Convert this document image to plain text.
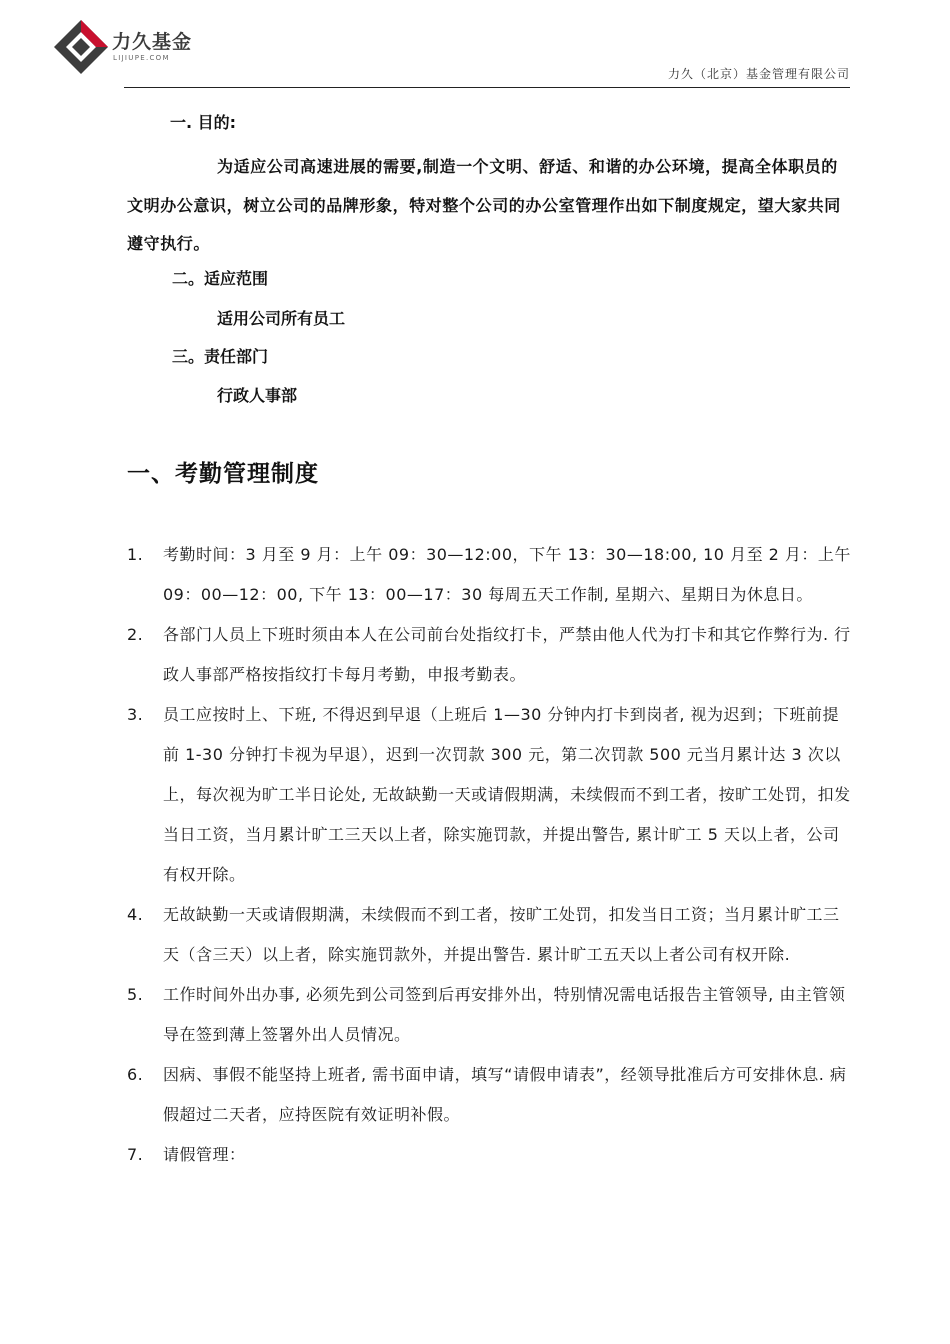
力久基金
LIJIUPE.COM
力久（北京）基金管理有限公司
一. 目的:

为适应公司高速进展的需要,制造一个文明、舒适、和谐的办公环境，提高全体职员的文明办公意识，树立公司的品牌形象，特对整个公司的办公室管理作出如下制度规定，望大家共同遵守执行。

二。适应范围

适用公司所有员工

三。责任部门

行政人事部

一、考勤管理制度
1. 考勤时间：3 月至 9 月：上午 09：30—12:00，下午 13：30—18:00, 10 月至 2 月：上午 09：00—12：00, 下午 13：00—17：30 每周五天工作制, 星期六、星期日为休息日。
2. 各部门人员上下班时须由本人在公司前台处指纹打卡，严禁由他人代为打卡和其它作弊行为. 行政人事部严格按指纹打卡每月考勤，申报考勤表。
3. 员工应按时上、下班, 不得迟到早退（上班后 1—30 分钟内打卡到岗者, 视为迟到；下班前提前 1-30 分钟打卡视为早退），迟到一次罚款 300 元，第二次罚款 500 元当月累计达 3 次以上，每次视为旷工半日论处, 无故缺勤一天或请假期满，未续假而不到工者，按旷工处罚，扣发当日工资，当月累计旷工三天以上者，除实施罚款，并提出警告, 累计旷工 5 天以上者，公司有权开除。
4. 无故缺勤一天或请假期满，未续假而不到工者，按旷工处罚，扣发当日工资；当月累计旷工三天（含三天）以上者，除实施罚款外，并提出警告. 累计旷工五天以上者公司有权开除.
5. 工作时间外出办事, 必须先到公司签到后再安排外出，特别情况需电话报告主管领导, 由主管领导在签到薄上签署外出人员情况。
6. 因病、事假不能坚持上班者, 需书面申请，填写“请假申请表”，经领导批准后方可安排休息. 病假超过二天者，应持医院有效证明补假。
7. 请假管理：
